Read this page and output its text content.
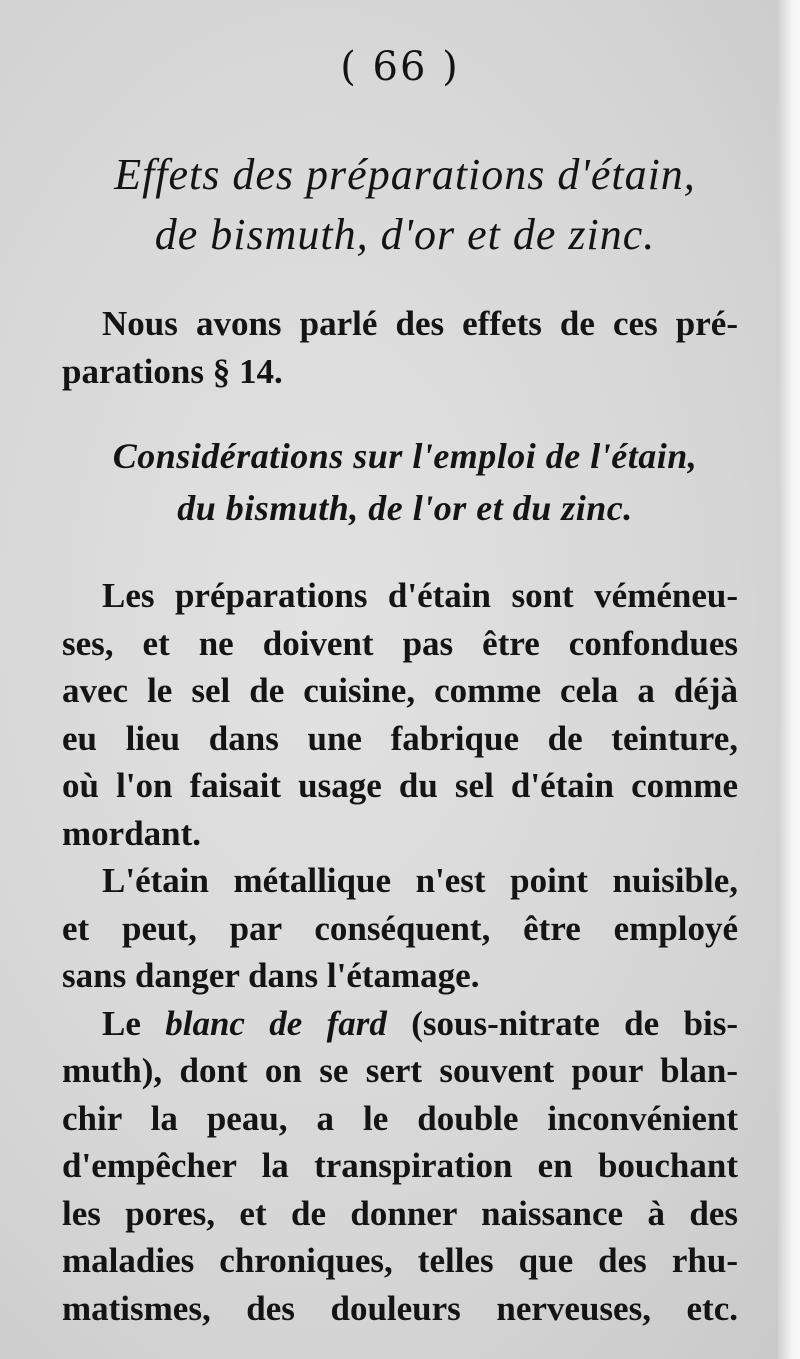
( 66 )
Effets des préparations d'étain,
de bismuth, d'or et de zinc.
Nous avons parlé des effets de ces pré-
parations § 14.
Considérations sur l'emploi de l'étain,
du bismuth, de l'or et du zinc.
Les préparations d'étain sont véméneu-
ses, et ne doivent pas être confondues
avec le sel de cuisine, comme cela a déjà
eu lieu dans une fabrique de teinture,
où l'on faisait usage du sel d'étain comme
mordant.
L'étain métallique n'est point nuisible,
et peut, par conséquent, être employé
sans danger dans l'étamage.
Le blanc de fard (sous-nitrate de bis-
muth), dont on se sert souvent pour blan-
chir la peau, a le double inconvénient
d'empêcher la transpiration en bouchant
les pores, et de donner naissance à des
maladies chroniques, telles que des rhu-
matismes, des douleurs nerveuses, etc.
